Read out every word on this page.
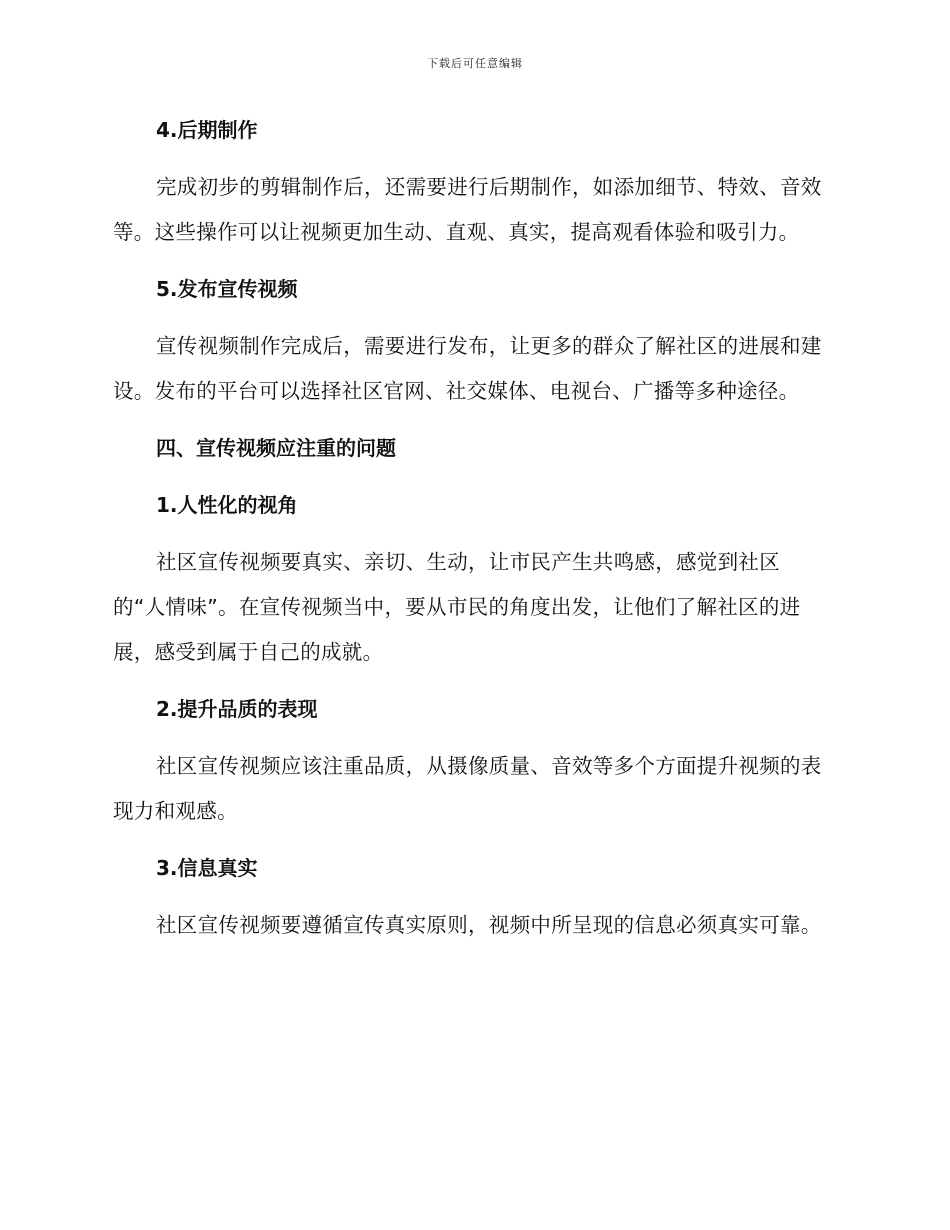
下载后可任意编辑
4.后期制作

完成初步的剪辑制作后，还需要进行后期制作，如添加细节、特效、音效等。这些操作可以让视频更加生动、直观、真实，提高观看体验和吸引力。

5.发布宣传视频

宣传视频制作完成后，需要进行发布，让更多的群众了解社区的进展和建设。发布的平台可以选择社区官网、社交媒体、电视台、广播等多种途径。

四、宣传视频应注重的问题
1.人性化的视角

社区宣传视频要真实、亲切、生动，让市民产生共鸣感，感觉到社区的“人情味”。在宣传视频当中，要从市民的角度出发，让他们了解社区的进展，感受到属于自己的成就。

2.提升品质的表现

社区宣传视频应该注重品质，从摄像质量、音效等多个方面提升视频的表现力和观感。

3.信息真实

社区宣传视频要遵循宣传真实原则，视频中所呈现的信息必须真实可靠。
